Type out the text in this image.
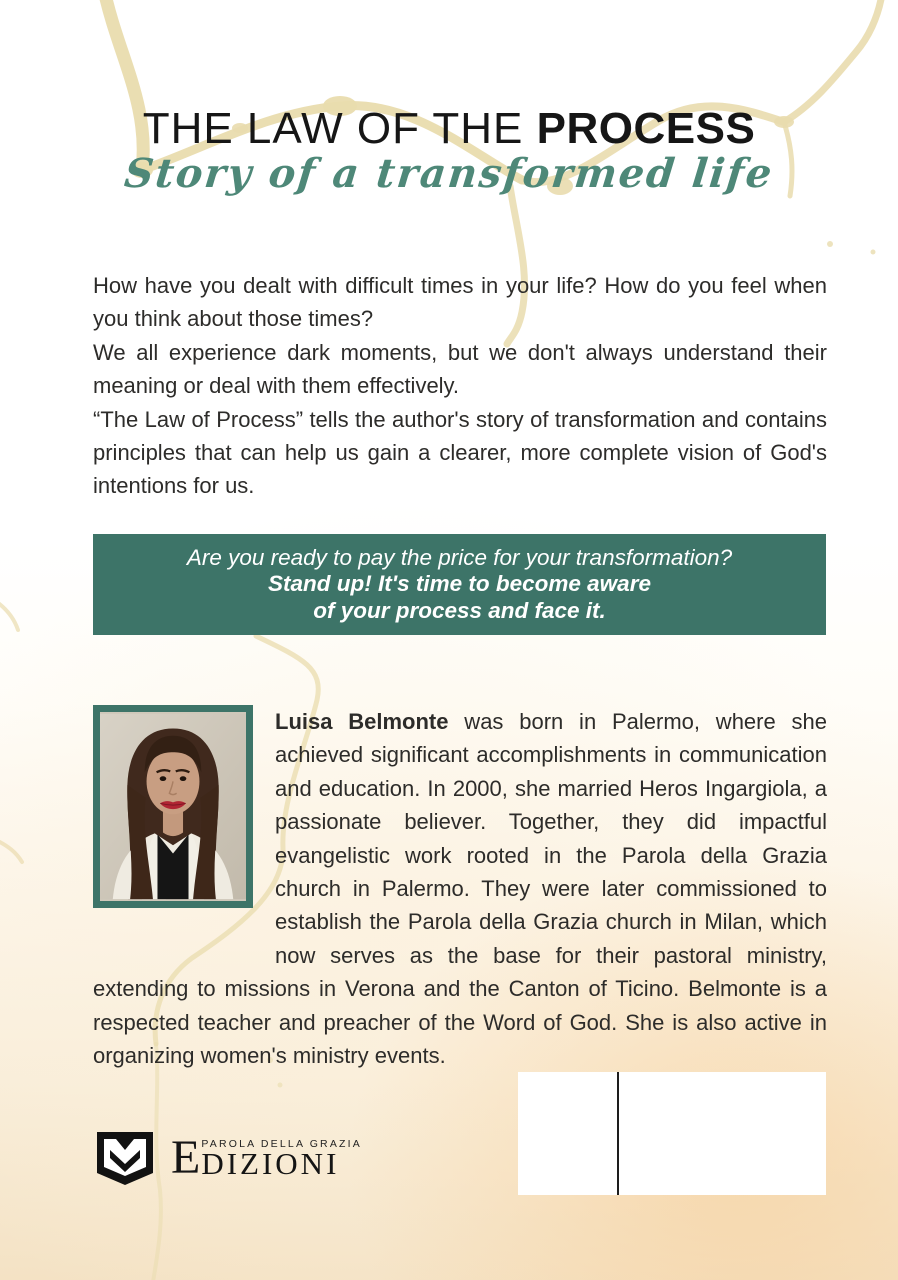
THE LAW OF THE PROCESS
Story of a transformed life

How have you dealt with difficult times in your life? How do you feel when you think about those times?

We all experience dark moments, but we don't always understand their meaning or deal with them effectively.

“The Law of Process” tells the author's story of transformation and contains principles that can help us gain a clearer, more complete vision of God's intentions for us.

Are you ready to pay the price for your transformation?
Stand up! It's time to become aware
of your process and face it.

Luisa Belmonte was born in Palermo, where she achieved significant accomplishments in communication and education. In 2000, she married Heros Ingargiola, a passionate believer. Together, they did impactful evangelistic work rooted in the Parola della Grazia church in Palermo. They were later commissioned to establish the Parola della Grazia church in Milan, which now serves as the base for their pastoral ministry, extending to missions in Verona and the Canton of Ticino. Belmonte is a respected teacher and preacher of the Word of God. She is also active in organizing women's ministry events.

E PAROLA DELLA GRAZIA
DIZIONI
